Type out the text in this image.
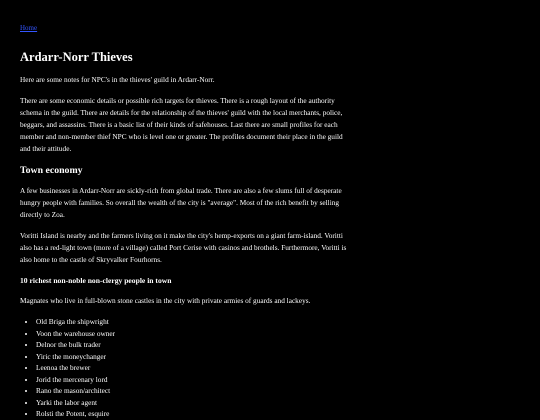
Home
Ardarr-Norr Thieves

Here are some notes for NPC's in the thieves' guild in Ardarr-Norr.

There are some economic details or possible rich targets for thieves. There is a rough layout of the authority schema in the guild. There are details for the relationship of the thieves' guild with the local merchants, police, beggars, and assassins. There is a basic list of their kinds of safehouses. Last there are small profiles for each member and non-member thief NPC who is level one or greater. The profiles document their place in the guild and their attitude.

Town economy

A few businesses in Ardarr-Norr are sickly-rich from global trade. There are also a few slums full of desperate hungry people with families. So overall the wealth of the city is "average". Most of the rich benefit by selling directly to Zoa.

Voritti Island is nearby and the farmers living on it make the city's hemp-exports on a giant farm-island. Voritti also has a red-light town (more of a village) called Port Cerise with casinos and brothels. Furthermore, Voritti is also home to the castle of Skryvalker Fourhorns.

10 richest non-noble non-clergy people in town

Magnates who live in full-blown stone castles in the city with private armies of guards and lackeys.

• Old Briga the shipwright
• Voon the warehouse owner
• Delnor the bulk trader
• Yiric the moneychanger
• Leenoa the brewer
• Jorid the mercenary lord
• Rano the mason/architect
• Yarki the labor agent
• Rolsti the Potent, esquire
